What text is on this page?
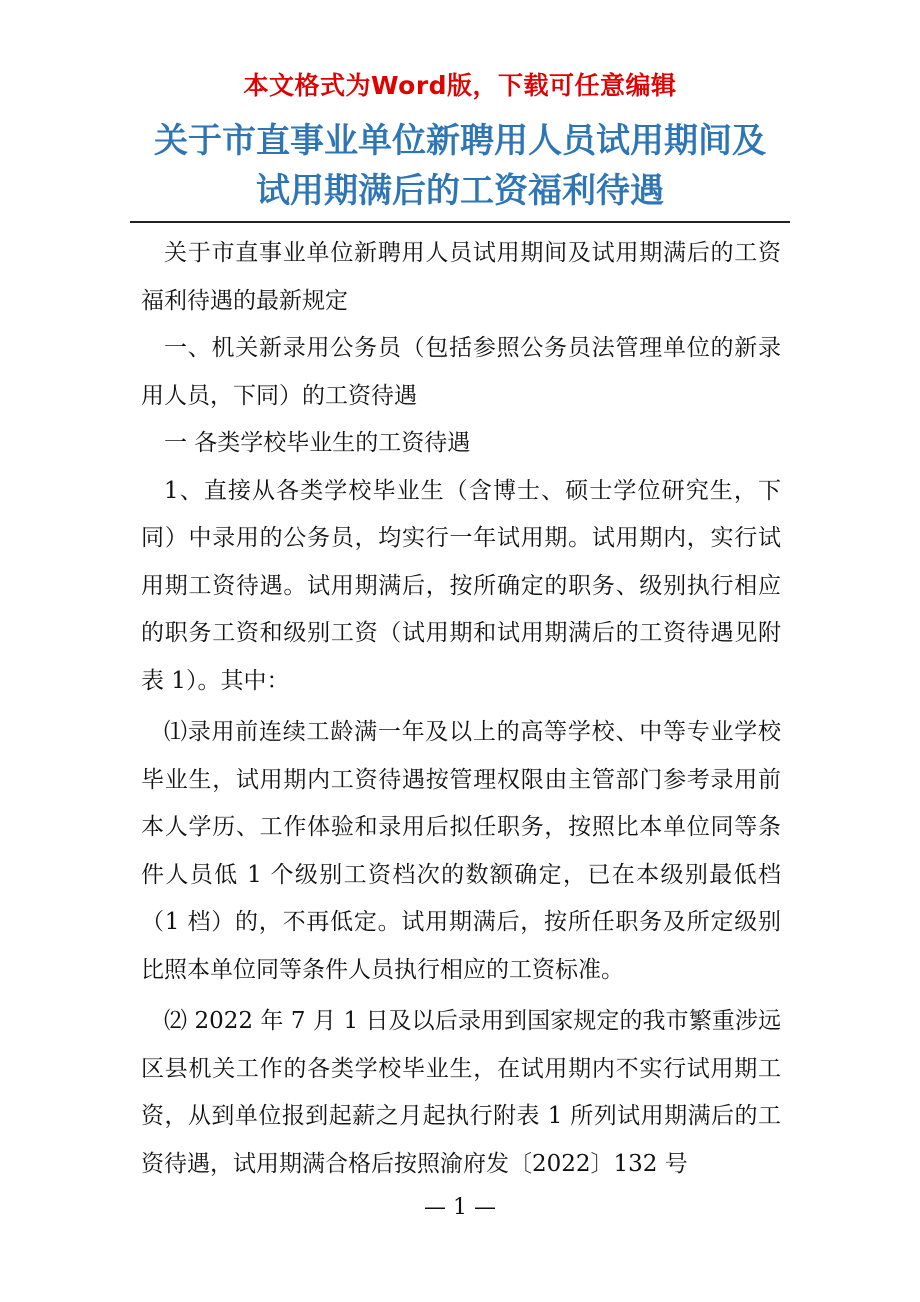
本文格式为Word版，下载可任意编辑
关于市直事业单位新聘用人员试用期间及
试用期满后的工资福利待遇

关于市直事业单位新聘用人员试用期间及试用期满后的工资福利待遇的最新规定

一、机关新录用公务员（包括参照公务员法管理单位的新录用人员，下同）的工资待遇

一 各类学校毕业生的工资待遇

1、直接从各类学校毕业生（含博士、硕士学位研究生，下同）中录用的公务员，均实行一年试用期。试用期内，实行试用期工资待遇。试用期满后，按所确定的职务、级别执行相应的职务工资和级别工资（试用期和试用期满后的工资待遇见附表 1）。其中：

⑴录用前连续工龄满一年及以上的高等学校、中等专业学校毕业生，试用期内工资待遇按管理权限由主管部门参考录用前本人学历、工作体验和录用后拟任职务，按照比本单位同等条件人员低 1 个级别工资档次的数额确定，已在本级别最低档（1 档）的，不再低定。试用期满后，按所任职务及所定级别比照本单位同等条件人员执行相应的工资标准。

⑵ 2022 年 7 月 1 日及以后录用到国家规定的我市繁重涉远区县机关工作的各类学校毕业生，在试用期内不实行试用期工资，从到单位报到起薪之月起执行附表 1 所列试用期满后的工资待遇，试用期满合格后按照渝府发〔2022〕132 号

— 1 —
